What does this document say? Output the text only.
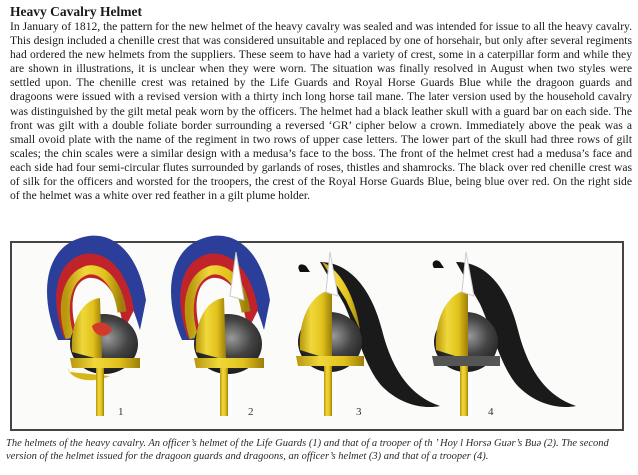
Heavy Cavalry Helmet
In January of 1812, the pattern for the new helmet of the heavy cavalry was sealed and was intended for issue to all the heavy cavalry. This design included a chenille crest that was considered unsuitable and replaced by one of horsehair, but only after several regiments had ordered the new helmets from the suppliers. These seem to have had a variety of crest, some in a caterpillar form and while they are shown in illustrations, it is unclear when they were worn. The situation was finally resolved in August when two styles were settled upon. The chenille crest was retained by the Life Guards and Royal Horse Guards Blue while the dragoon guards and dragoons were issued with a revised version with a thirty inch long horse tail mane. The later version used by the household cavalry was distinguished by the gilt metal peak worn by the officers. The helmet had a black leather skull with a guard bar on each side. The front was gilt with a double foliate border surrounding a reversed ‘GR’ cipher below a crown. Immediately above the peak was a small ovoid plate with the name of the regiment in two rows of upper case letters. The lower part of the skull had three rows of gilt scales; the chin scales were a similar design with a medusa’s face to the boss. The front of the helmet crest had a medusa’s face and each side had four semi-circular flutes surrounded by garlands of roses, thistles and shamrocks. The black over red chenille crest was of silk for the officers and worsted for the troopers, the crest of the Royal Horse Guards Blue, being blue over red. On the right side of the helmet was a white over red feather in a gilt plume holder.
1	2	3	4
The helmets of the heavy cavalry. An officer’s helmet of the Life Guards (1) and that of a trooper of th ’ Hoy l Horsə Guər’s Buə (2). The second version of the helmet issued for the dragoon guards and dragoons, an officer’s helmet (3) and that of a trooper (4).
